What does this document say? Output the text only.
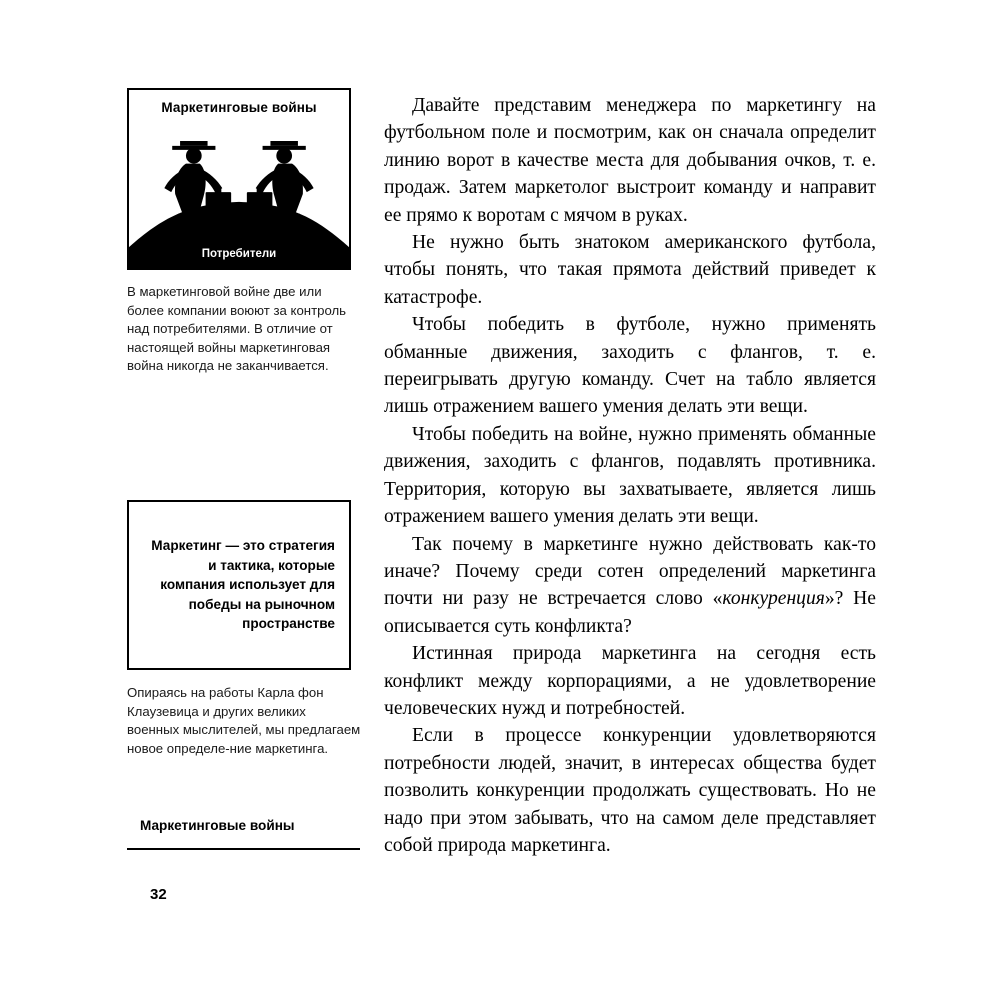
Маркетинговые войны
Потребители
В маркетинговой войне две или более компании воюют за контроль над потребителями. В отличие от настоящей войны маркетинговая война никогда не заканчивается.
Маркетинг — это стратегия и тактика, которые компания использует для победы на рыночном пространстве
Опираясь на работы Карла фон Клаузевица и других великих военных мыслителей, мы предлагаем новое определе‑ние маркетинга.
Маркетинговые войны
32

Давайте представим менеджера по маркетингу на футбольном поле и посмотрим, как он сначала определит линию ворот в качестве места для добывания очков, т. е. продаж. Затем маркетолог выстроит команду и направит ее прямо к воротам с мячом в руках.

Не нужно быть знатоком американского футбола, чтобы понять, что такая прямота действий приведет к катастрофе.

Чтобы победить в футболе, нужно применять обманные движения, заходить с флангов, т. е. переигрывать другую команду. Счет на табло является лишь отражением вашего умения делать эти вещи.

Чтобы победить на войне, нужно применять обманные движения, заходить с флангов, подавлять противника. Территория, которую вы захватываете, является лишь отражением вашего умения делать эти вещи.

Так почему в маркетинге нужно действовать как-то иначе? Почему среди сотен определений маркетинга почти ни разу не встречается слово «конкуренция»? Не описывается суть конфликта?

Истинная природа маркетинга на сегодня есть конфликт между корпорациями, а не удовлетворение человеческих нужд и потребностей.

Если в процессе конкуренции удовлетворяются потребности людей, значит, в интересах общества будет позволить конкуренции продолжать существовать. Но не надо при этом забывать, что на самом деле представляет собой природа маркетинга.
